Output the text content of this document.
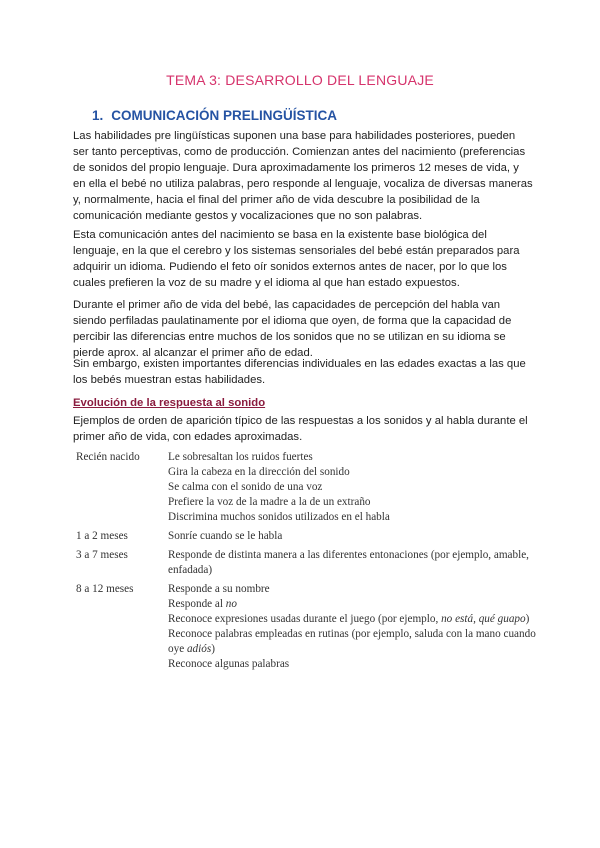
TEMA 3: DESARROLLO DEL LENGUAJE
1. COMUNICACIÓN PRELINGÜÍSTICA

Las habilidades pre lingüísticas suponen una base para habilidades posteriores, pueden ser tanto perceptivas, como de producción. Comienzan antes del nacimiento (preferencias de sonidos del propio lenguaje. Dura aproximadamente los primeros 12 meses de vida, y en ella el bebé no utiliza palabras, pero responde al lenguaje, vocaliza de diversas maneras y, normalmente, hacia el final del primer año de vida descubre la posibilidad de la comunicación mediante gestos y vocalizaciones que no son palabras.

Esta comunicación antes del nacimiento se basa en la existente base biológica del lenguaje, en la que el cerebro y los sistemas sensoriales del bebé están preparados para adquirir un idioma. Pudiendo el feto oír sonidos externos antes de nacer, por lo que los cuales prefieren la voz de su madre y el idioma al que han estado expuestos.

Durante el primer año de vida del bebé, las capacidades de percepción del habla van siendo perfiladas paulatinamente por el idioma que oyen, de forma que la capacidad de percibir las diferencias entre muchos de los sonidos que no se utilizan en su idioma se pierde aprox. al alcanzar el primer año de edad.

Sin embargo, existen importantes diferencias individuales en las edades exactas a las que los bebés muestran estas habilidades.

Evolución de la respuesta al sonido

Ejemplos de orden de aparición típico de las respuestas a los sonidos y al habla durante el primer año de vida, con edades aproximadas.

Recién nacido	Le sobresaltan los ruidos fuertes
Gira la cabeza en la dirección del sonido
Se calma con el sonido de una voz
Prefiere la voz de la madre a la de un extraño
Discrimina muchos sonidos utilizados en el habla
1 a 2 meses	Sonríe cuando se le habla
3 a 7 meses	Responde de distinta manera a las diferentes entonaciones (por ejemplo, amable, enfadada)
8 a 12 meses	Responde a su nombre
Responde al no
Reconoce expresiones usadas durante el juego (por ejemplo, no está, qué guapo)
Reconoce palabras empleadas en rutinas (por ejemplo, saluda con la mano cuando oye adiós)
Reconoce algunas palabras
